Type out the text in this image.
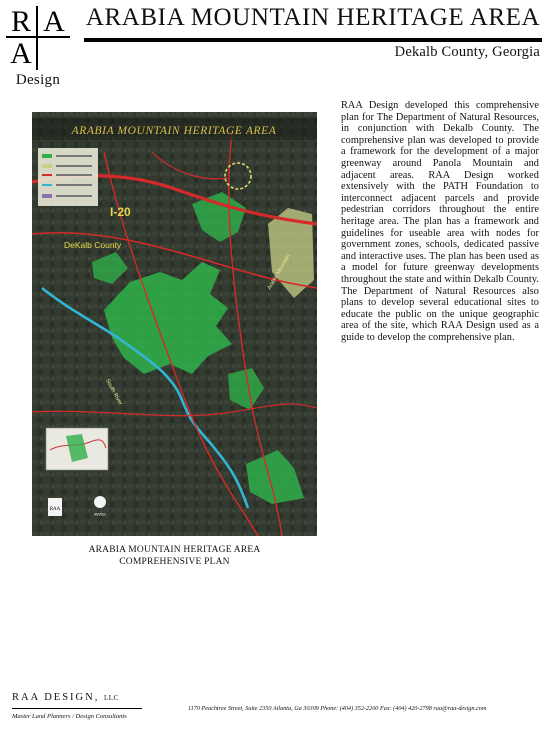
R A
A
Design
ARABIA MOUNTAIN HERITAGE AREA
Dekalb County, Georgia
ARABIA MOUNTAIN HERITAGE AREA
I-20
DeKalb County
Arabia Mountain
South River
RAA
PATH
ARABIA MOUNTAIN HERITAGE AREA
COMPREHENSIVE PLAN

RAA Design developed this comprehensive plan for The Department of Natural Resources, in conjunction with Dekalb County. The comprehensive plan was developed to provide a framework for the development of a major greenway around Panola Mountain and adjacent areas. RAA Design worked extensively with the PATH Foundation to interconnect adjacent parcels and provide pedestrian corridors throughout the entire heritage area. The plan has a framework and guidelines for useable area with nodes for government zones, schools, dedicated passive and interactive uses. The plan has been used as a model for future greenway developments throughout the state and within Dekalb County. The Department of Natural Resources also plans to develop several educational sites to educate the public on the unique geographic area of the site, which RAA Design used as a guide to develop the comprehensive plan.

RAA DESIGN, LLC
Master Land Planners / Design Consultants
1170 Peachtree Street, Suite 2350 Atlanta, Ga 30309 Phone: (404) 352-2200 Fax: (404) 420-2798 raa@raa-design.com
